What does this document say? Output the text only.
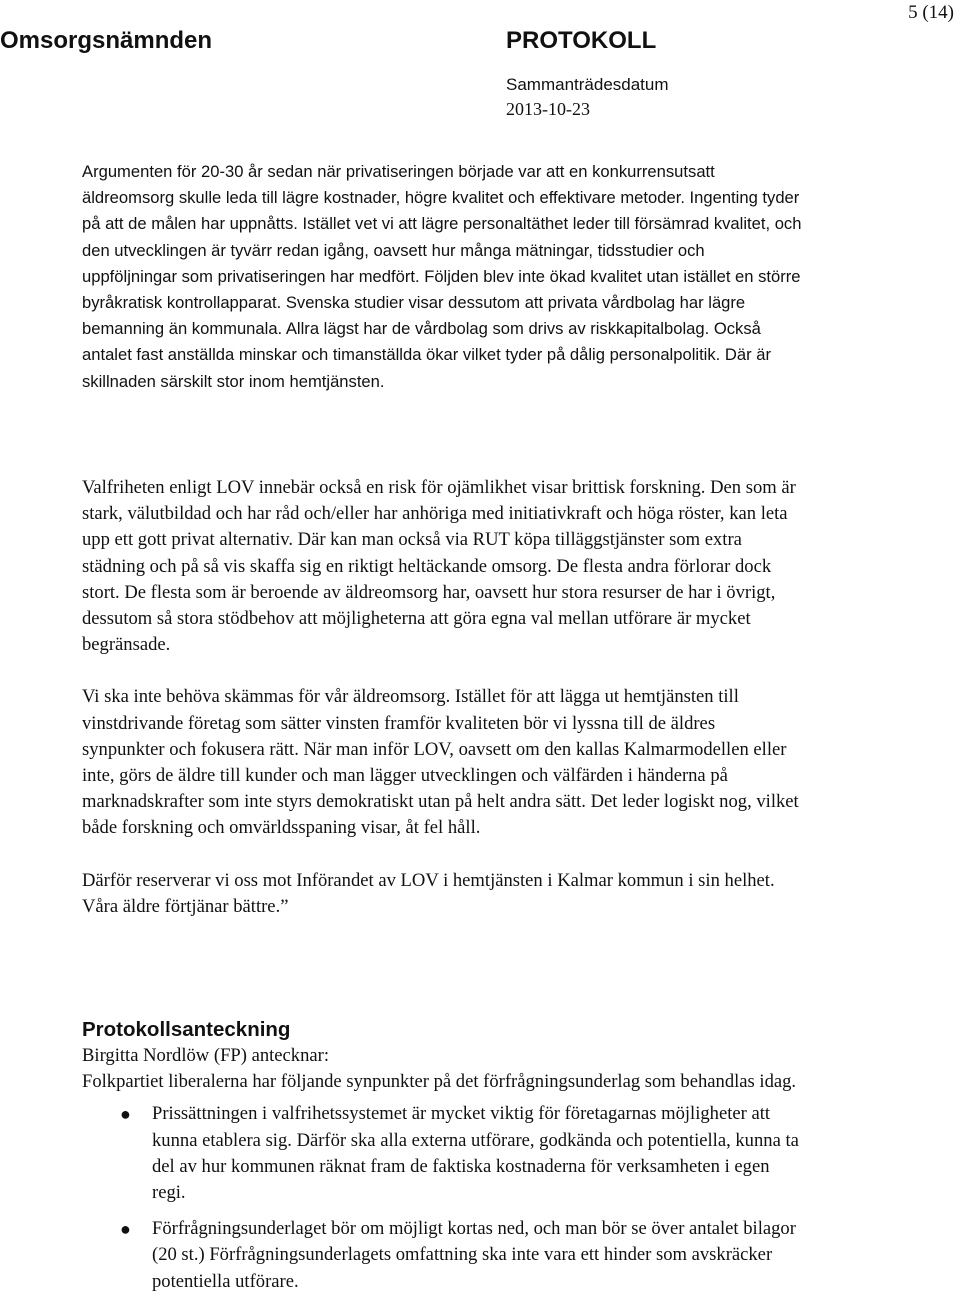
Omsorgsnämnden	PROTOKOLL
5 (14)
Sammanträdesdatum
2013-10-23

Argumenten för 20-30 år sedan när privatiseringen började var att en konkurrensutsatt äldreomsorg skulle leda till lägre kostnader, högre kvalitet och effektivare metoder. Ingenting tyder på att de målen har uppnåtts. Istället vet vi att lägre personaltäthet leder till försämrad kvalitet, och den utvecklingen är tyvärr redan igång, oavsett hur många mätningar, tidsstudier och uppföljningar som privatiseringen har medfört. Följden blev inte ökad kvalitet utan istället en större byråkratisk kontrollapparat. Svenska studier visar dessutom att privata vårdbolag har lägre bemanning än kommunala. Allra lägst har de vårdbolag som drivs av riskkapitalbolag. Också antalet fast anställda minskar och timanställda ökar vilket tyder på dålig personalpolitik. Där är skillnaden särskilt stor inom hemtjänsten.

Valfriheten enligt LOV innebär också en risk för ojämlikhet visar brittisk forskning. Den som är stark, välutbildad och har råd och/eller har anhöriga med initiativkraft och höga röster, kan leta upp ett gott privat alternativ. Där kan man också via RUT köpa tilläggstjänster som extra städning och på så vis skaffa sig en riktigt heltäckande omsorg. De flesta andra förlorar dock stort. De flesta som är beroende av äldreomsorg har, oavsett hur stora resurser de har i övrigt, dessutom så stora stödbehov att möjligheterna att göra egna val mellan utförare är mycket begränsade.

Vi ska inte behöva skämmas för vår äldreomsorg. Istället för att lägga ut hemtjänsten till vinstdrivande företag som sätter vinsten framför kvaliteten bör vi lyssna till de äldres synpunkter och fokusera rätt. När man inför LOV, oavsett om den kallas Kalmarmodellen eller inte, görs de äldre till kunder och man lägger utvecklingen och välfärden i händerna på marknadskrafter som inte styrs demokratiskt utan på helt andra sätt. Det leder logiskt nog, vilket både forskning och omvärldsspaning visar, åt fel håll.

Därför reserverar vi oss mot Införandet av LOV i hemtjänsten i Kalmar kommun i sin helhet. Våra äldre förtjänar bättre.”

Protokollsanteckning

Birgitta Nordlöw (FP) antecknar:

Folkpartiet liberalerna har följande synpunkter på det förfrågningsunderlag som behandlas idag.

● Prissättningen i valfrihetssystemet är mycket viktig för företagarnas möjligheter att kunna etablera sig. Därför ska alla externa utförare, godkända och potentiella, kunna ta del av hur kommunen räknat fram de faktiska kostnaderna för verksamheten i egen regi.
● Förfrågningsunderlaget bör om möjligt kortas ned, och man bör se över antalet bilagor (20 st.) Förfrågningsunderlagets omfattning ska inte vara ett hinder som avskräcker potentiella utförare.
